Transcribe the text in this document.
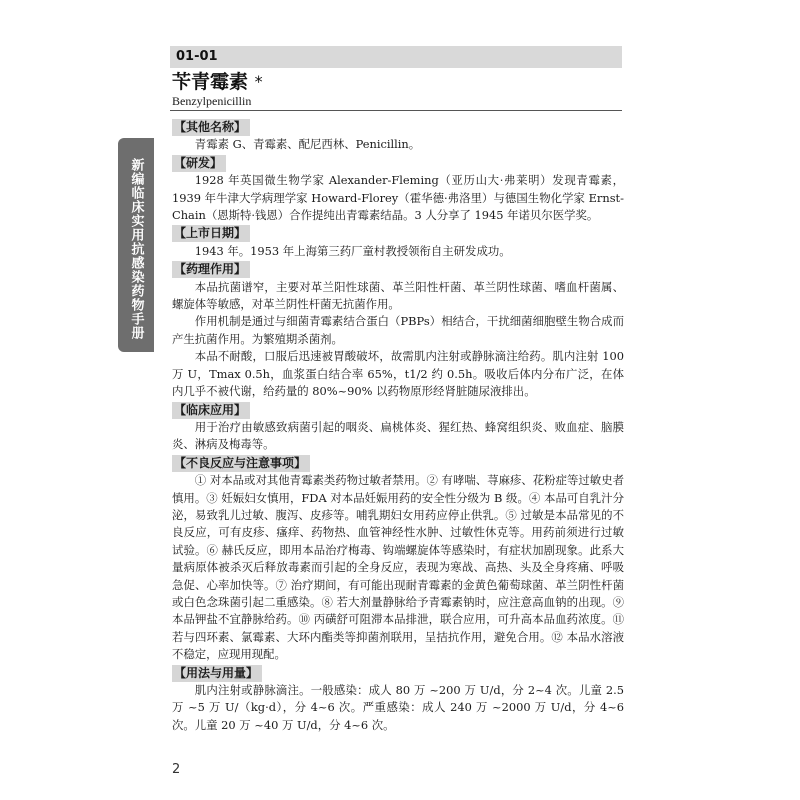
01-01
苄青霉素 *
Benzylpenicillin
新编临床实用抗感染药物手册
【其他名称】

青霉素 G、青霉素、配尼西林、Penicillin。

【研发】

1928 年英国微生物学家 Alexander-Fleming（亚历山大·弗莱明）发现青霉素，1939 年牛津大学病理学家 Howard-Florey（霍华德·弗洛里）与德国生物化学家 Ernst-Chain（恩斯特·钱恩）合作提纯出青霉素结晶。3 人分享了 1945 年诺贝尔医学奖。

【上市日期】

1943 年。1953 年上海第三药厂童村教授领衔自主研发成功。

【药理作用】

本品抗菌谱窄，主要对革兰阳性球菌、革兰阳性杆菌、革兰阴性球菌、嗜血杆菌属、螺旋体等敏感，对革兰阴性杆菌无抗菌作用。

作用机制是通过与细菌青霉素结合蛋白（PBPs）相结合，干扰细菌细胞壁生物合成而产生抗菌作用。为繁殖期杀菌剂。

本品不耐酸，口服后迅速被胃酸破坏，故需肌内注射或静脉滴注给药。肌内注射 100 万 U，Tmax 0.5h，血浆蛋白结合率 65%，t1/2 约 0.5h。吸收后体内分布广泛，在体内几乎不被代谢，给药量的 80%~90% 以药物原形经肾脏随尿液排出。

【临床应用】

用于治疗由敏感致病菌引起的咽炎、扁桃体炎、猩红热、蜂窝组织炎、败血症、脑膜炎、淋病及梅毒等。

【不良反应与注意事项】

① 对本品或对其他青霉素类药物过敏者禁用。② 有哮喘、荨麻疹、花粉症等过敏史者慎用。③ 妊娠妇女慎用，FDA 对本品妊娠用药的安全性分级为 B 级。④ 本品可自乳汁分泌，易致乳儿过敏、腹泻、皮疹等。哺乳期妇女用药应停止供乳。⑤ 过敏是本品常见的不良反应，可有皮疹、瘙痒、药物热、血管神经性水肿、过敏性休克等。用药前须进行过敏试验。⑥ 赫氏反应，即用本品治疗梅毒、钩端螺旋体等感染时，有症状加剧现象。此系大量病原体被杀灭后释放毒素而引起的全身反应，表现为寒战、高热、头及全身疼痛、呼吸急促、心率加快等。⑦ 治疗期间，有可能出现耐青霉素的金黄色葡萄球菌、革兰阴性杆菌或白色念珠菌引起二重感染。⑧ 若大剂量静脉给予青霉素钠时，应注意高血钠的出现。⑨ 本品钾盐不宜静脉给药。⑩ 丙磺舒可阻滞本品排泄，联合应用，可升高本品血药浓度。⑪ 若与四环素、氯霉素、大环内酯类等抑菌剂联用，呈拮抗作用，避免合用。⑫ 本品水溶液不稳定，应现用现配。

【用法与用量】

肌内注射或静脉滴注。一般感染：成人 80 万 ~200 万 U/d，分 2~4 次。儿童 2.5 万 ~5 万 U/（kg·d），分 4~6 次。严重感染：成人 240 万 ~2000 万 U/d，分 4~6 次。儿童 20 万 ~40 万 U/d，分 4~6 次。

2
